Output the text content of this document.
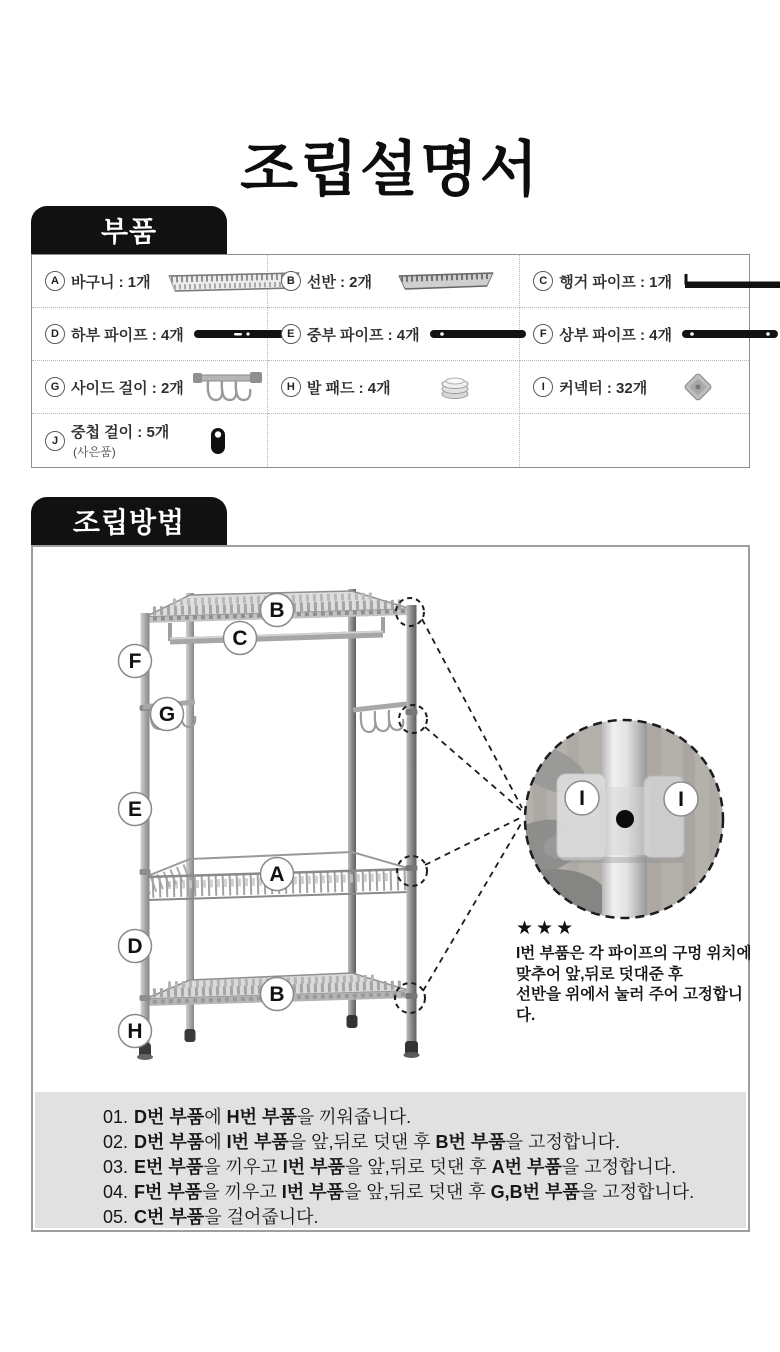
조립설명서
부품
A 바구니 : 1개	B 선반 : 2개	C 행거 파이프 : 1개
D 하부 파이프 : 4개	E 중부 파이프 : 4개	F 상부 파이프 : 4개
G 사이드 걸이 : 2개	H 발 패드 : 4개	I 커넥터 : 32개
J 중첩 걸이 : 5개
(사은품)
조립방법
B
C
F
G
E
A
D
B
H
I	I
★★★
I번 부품은 각 파이프의 구멍 위치에
맞추어 앞,뒤로 덧대준 후
선반을 위에서 눌러 주어 고정합니다.
01. D번 부품에 H번 부품을 끼워줍니다.
02. D번 부품에 I번 부품을 앞,뒤로 덧댄 후 B번 부품을 고정합니다.
03. E번 부품을 끼우고 I번 부품을 앞,뒤로 덧댄 후 A번 부품을 고정합니다.
04. F번 부품을 끼우고 I번 부품을 앞,뒤로 덧댄 후 G,B번 부품을 고정합니다.
05. C번 부품을 걸어줍니다.
